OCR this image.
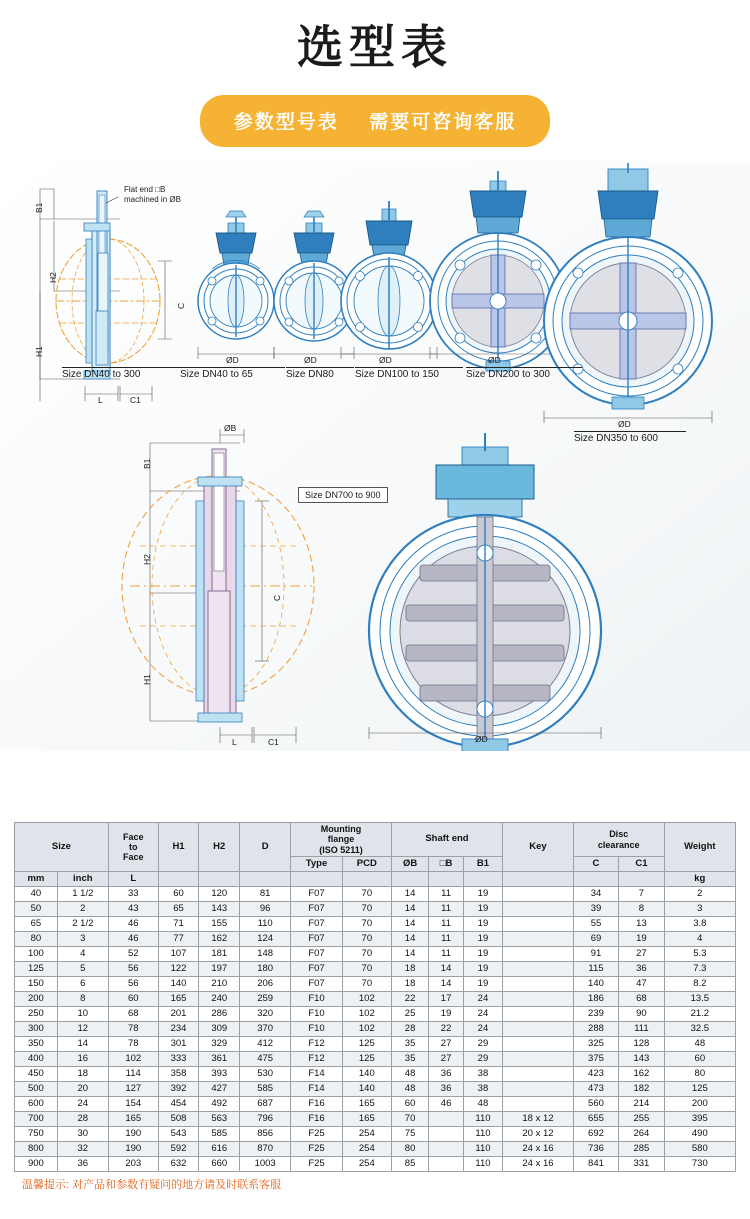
选型表
参数型号表 需要可咨询客服
Flat end □B
machined in ØB
B1
H2
H1
C
L	C1
ØD	ØD	ØD	ØD
ØD
ØD
ØB
B1
H2
H1
C
L	C1
Size DN40 to 300	Size DN40 to 65	Size DN80 Size DN100 to 150	Size DN200 to 300
Size DN350 to 600
Size DN700 to 900
Size		Face
to
Face	H1	H2	D	Mounting
flange
(ISO 5211)		Shaft end			Key	Disc
clearance		Weight
						Type	PCD	ØB	□B	B1		C	C1	
mm	inch	L												kg
40	1 1/2	33	60	120	81	F07	70	14	11	19		34	7	2
50	2	43	65	143	96	F07	70	14	11	19		39	8	3
65	2 1/2	46	71	155	110	F07	70	14	11	19		55	13	3.8
80	3	46	77	162	124	F07	70	14	11	19		69	19	4
100	4	52	107	181	148	F07	70	14	11	19		91	27	5.3
125	5	56	122	197	180	F07	70	18	14	19		115	36	7.3
150	6	56	140	210	206	F07	70	18	14	19		140	47	8.2
200	8	60	165	240	259	F10	102	22	17	24		186	68	13.5
250	10	68	201	286	320	F10	102	25	19	24		239	90	21.2
300	12	78	234	309	370	F10	102	28	22	24		288	111	32.5
350	14	78	301	329	412	F12	125	35	27	29		325	128	48
400	16	102	333	361	475	F12	125	35	27	29		375	143	60
450	18	114	358	393	530	F14	140	48	36	38		423	162	80
500	20	127	392	427	585	F14	140	48	36	38		473	182	125
600	24	154	454	492	687	F16	165	60	46	48		560	214	200
700	28	165	508	563	796	F16	165	70		110	18 x 12	655	255	395
750	30	190	543	585	856	F25	254	75		110	20 x 12	692	264	490
800	32	190	592	616	870	F25	254	80		110	24 x 16	736	285	580
900	36	203	632	660	1003	F25	254	85		110	24 x 16	841	331	730
温馨提示: 对产品和参数有疑问的地方请及时联系客服
